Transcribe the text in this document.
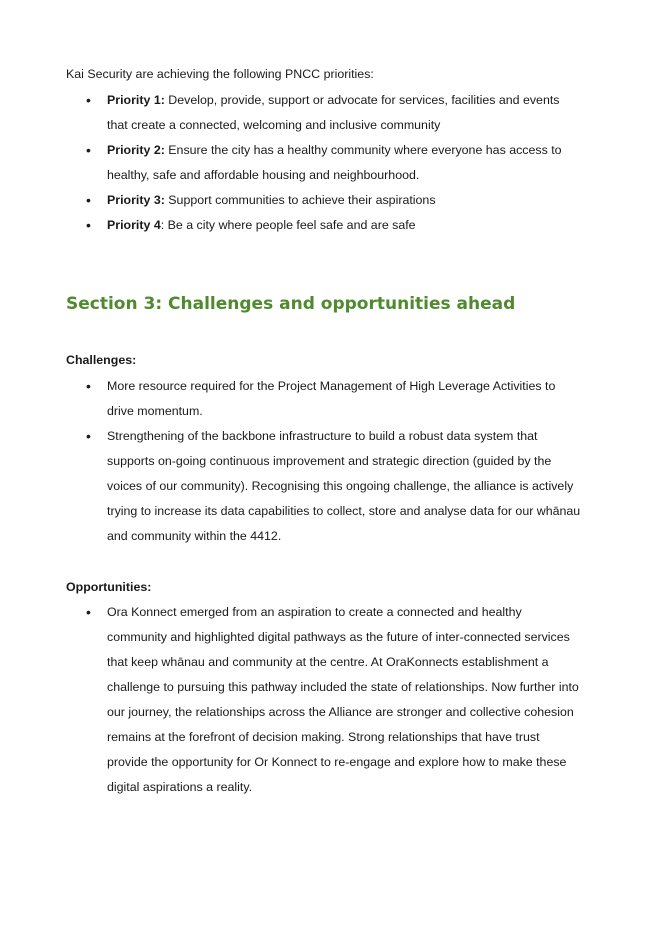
Kai Security are achieving the following PNCC priorities:

• Priority 1: Develop, provide, support or advocate for services, facilities and events that create a connected, welcoming and inclusive community
• Priority 2: Ensure the city has a healthy community where everyone has access to healthy, safe and affordable housing and neighbourhood.
• Priority 3: Support communities to achieve their aspirations
• Priority 4: Be a city where people feel safe and are safe
Section 3: Challenges and opportunities ahead

Challenges:

• More resource required for the Project Management of High Leverage Activities to drive momentum.
• Strengthening of the backbone infrastructure to build a robust data system that supports on-going continuous improvement and strategic direction (guided by the voices of our community). Recognising this ongoing challenge, the alliance is actively trying to increase its data capabilities to collect, store and analyse data for our whānau and community within the 4412.

Opportunities:

• Ora Konnect emerged from an aspiration to create a connected and healthy community and highlighted digital pathways as the future of inter-connected services that keep whānau and community at the centre. At OraKonnects establishment a challenge to pursuing this pathway included the state of relationships. Now further into our journey, the relationships across the Alliance are stronger and collective cohesion remains at the forefront of decision making. Strong relationships that have trust provide the opportunity for Or Konnect to re-engage and explore how to make these digital aspirations a reality.
